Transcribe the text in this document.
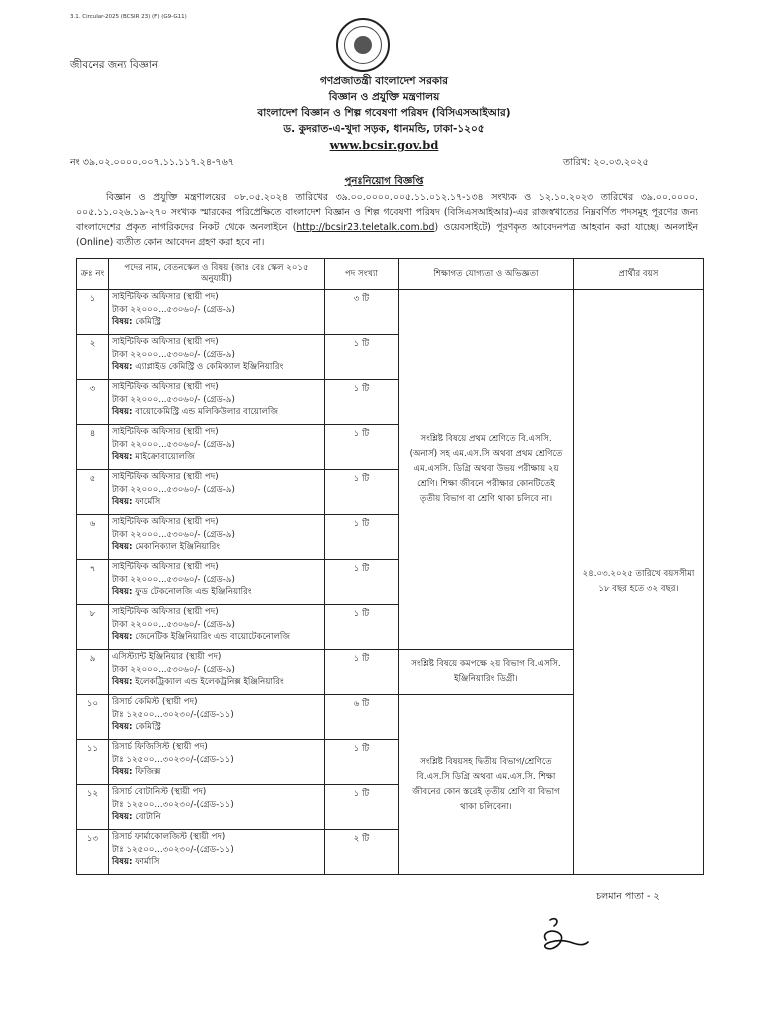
3.1. Circular-2025 (BCSIR 23) (F) (G9-G11)
জীবনের জন্য বিজ্ঞান
গণপ্রজাতন্ত্রী বাংলাদেশ সরকার
বিজ্ঞান ও প্রযুক্তি মন্ত্রণালয়
বাংলাদেশ বিজ্ঞান ও শিল্প গবেষণা পরিষদ (বিসিএসআইআর)
ড. কুদরাত-এ-খুদা সড়ক, ধানমন্ডি, ঢাকা-১২০৫
www.bcsir.gov.bd
নং ৩৯.০২.০০০০.০০৭.১১.১১৭.২৪-৭৬৭	তারিখ: ২০.০৩.২০২৫
পুনঃনিয়োগ বিজ্ঞপ্তি
বিজ্ঞান ও প্রযুক্তি মন্ত্রণালয়ের ০৮.০৫.২০২৪ তারিখের ৩৯.০০.০০০০.০০৫.১১.০১২.১৭-১৩৪ সংখ্যক ও ১২.১০.২০২৩ তারিখের ৩৯.০০.০০০০. ০০৫.১১.০২৬.১৯-২৭০ সংখ্যক স্মারকের পরিপ্রেক্ষিতে বাংলাদেশ বিজ্ঞান ও শিল্প গবেষণা পরিষদ (বিসিএসআইআর)-এর রাজস্বখাতের নিম্নবর্ণিত পদসমূহ পূরণের জন্য বাংলাদেশের প্রকৃত নাগরিকদের নিকট থেকে অনলাইনে (http://bcsir23.teletalk.com.bd) ওয়েবসাইটে) পূরণকৃত আবেদনপত্র আহবান করা যাচ্ছে। অনলাইন (Online) ব্যতীত কোন আবেদন গ্রহণ করা হবে না।
ক্রঃ নং	পদের নাম, বেতনস্কেল ও বিষয় (জাঃ বেঃ স্কেল ২০১৫ অনুযায়ী)	পদ সংখ্যা	শিক্ষাগত যোগ্যতা ও অভিজ্ঞতা	প্রার্থীর বয়স
১	সাইন্টিফিক অফিসার (স্থায়ী পদ)
টাকা ২২০০০...৫৩০৬০/- (গ্রেড-৯)
বিষয়: কেমিস্ট্রি	৩ টি	সংশ্লিষ্ট বিষয়ে প্রথম শ্রেণিতে বি.এসসি. (অনার্স) সহ এম.এস.সি অথবা প্রথম শ্রেণিতে এম.এসসি. ডিগ্রি অথবা উভয় পরীক্ষায় ২য় শ্রেণি। শিক্ষা জীবনে পরীক্ষার কোনটিতেই তৃতীয় বিভাগ বা শ্রেণি থাকা চলিবে না।	২৪.০৩.২০২৫ তারিখে বয়সসীমা ১৮ বছর হতে ৩২ বছর।
২	সাইন্টিফিক অফিসার (স্থায়ী পদ)
টাকা ২২০০০...৫৩০৬০/- (গ্রেড-৯)
বিষয়: এ্যাপ্লাইড কেমিস্ট্রি ও কেমিক্যাল ইঞ্জিনিয়ারিং	১ টি		
৩	সাইন্টিফিক অফিসার (স্থায়ী পদ)
টাকা ২২০০০...৫৩০৬০/- (গ্রেড-৯)
বিষয়: বায়োকেমিস্ট্রি এন্ড মলিকিউলার বায়োলজি	১ টি		
৪	সাইন্টিফিক অফিসার (স্থায়ী পদ)
টাকা ২২০০০...৫৩০৬০/- (গ্রেড-৯)
বিষয়: মাইক্রোবায়োলজি	১ টি		
৫	সাইন্টিফিক অফিসার (স্থায়ী পদ)
টাকা ২২০০০...৫৩০৬০/- (গ্রেড-৯)
বিষয়: ফার্মেসি	১ টি		
৬	সাইন্টিফিক অফিসার (স্থায়ী পদ)
টাকা ২২০০০...৫৩০৬০/- (গ্রেড-৯)
বিষয়: মেকানিক্যাল ইঞ্জিনিয়ারিং	১ টি		
৭	সাইন্টিফিক অফিসার (স্থায়ী পদ)
টাকা ২২০০০...৫৩০৬০/- (গ্রেড-৯)
বিষয়: ফুড টেকনোলজি এন্ড ইঞ্জিনিয়ারিং	১ টি		
৮	সাইন্টিফিক অফিসার (স্থায়ী পদ)
টাকা ২২০০০...৫৩০৬০/- (গ্রেড-৯)
বিষয়: জেনেটিক ইঞ্জিনিয়ারিং এন্ড বায়োটেকনোলজি	১ টি		
৯	এসিস্ট্যান্ট ইঞ্জিনিয়ার (স্থায়ী পদ)
টাকা ২২০০০...৫৩০৬০/- (গ্রেড-৯)
বিষয়: ইলেকট্রিক্যাল এন্ড ইলেকট্রনিক্স ইঞ্জিনিয়ারিং	১ টি	সংশ্লিষ্ট বিষয়ে কমপক্ষে ২য় বিভাগ বি.এসসি. ইঞ্জিনিয়ারিং ডিগ্রী।	
১০	রিসার্চ কেমিস্ট (স্থায়ী পদ)
টাঃ ১২৫০০...৩০২৩০/-(গ্রেড-১১)
বিষয়: কেমিস্ট্রি	৬ টি	সংশ্লিষ্ট বিষয়সহ দ্বিতীয় বিভাগ/শ্রেণিতে বি.এস.সি ডিগ্রি অথবা এম.এস.সি. শিক্ষা জীবনের কোন স্তরেই তৃতীয় শ্রেণি বা বিভাগ থাকা চলিবেনা।	
১১	রিসার্চ ফিজিসিস্ট (স্থায়ী পদ)
টাঃ ১২৫০০...৩০২৩০/-(গ্রেড-১১)
বিষয়: ফিজিক্স	১ টি		
১২	রিসার্চ বোটানিস্ট (স্থায়ী পদ)
টাঃ ১২৫০০...৩০২৩০/-(গ্রেড-১১)
বিষয়: বোটানি	১ টি		
১৩	রিসার্চ ফার্মাকোলজিস্ট (স্থায়ী পদ)
টাঃ ১২৫০০...৩০২৩০/-(গ্রেড-১১)
বিষয়: ফার্মাসি	২ টি		
চলমান পাতা - ২
